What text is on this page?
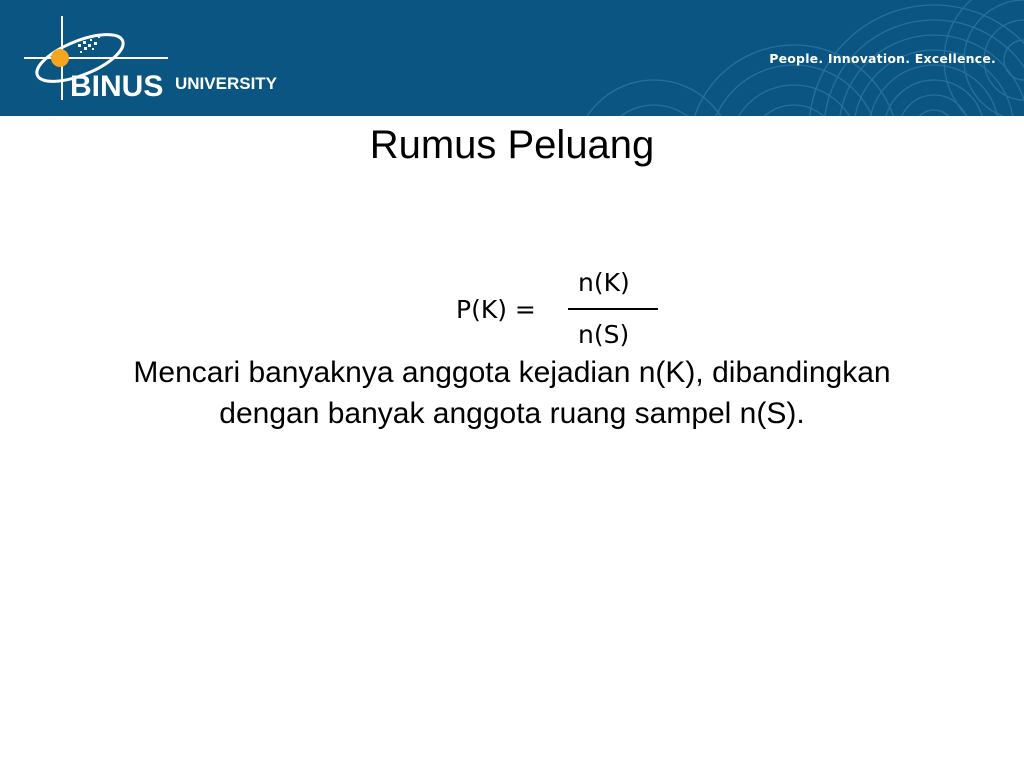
BINUS UNIVERSITY
People. Innovation. Excellence.
Rumus Peluang
P(K) =
n(K)
n(S)
Mencari banyaknya anggota kejadian n(K), dibandingkan dengan banyak anggota ruang sampel n(S).
